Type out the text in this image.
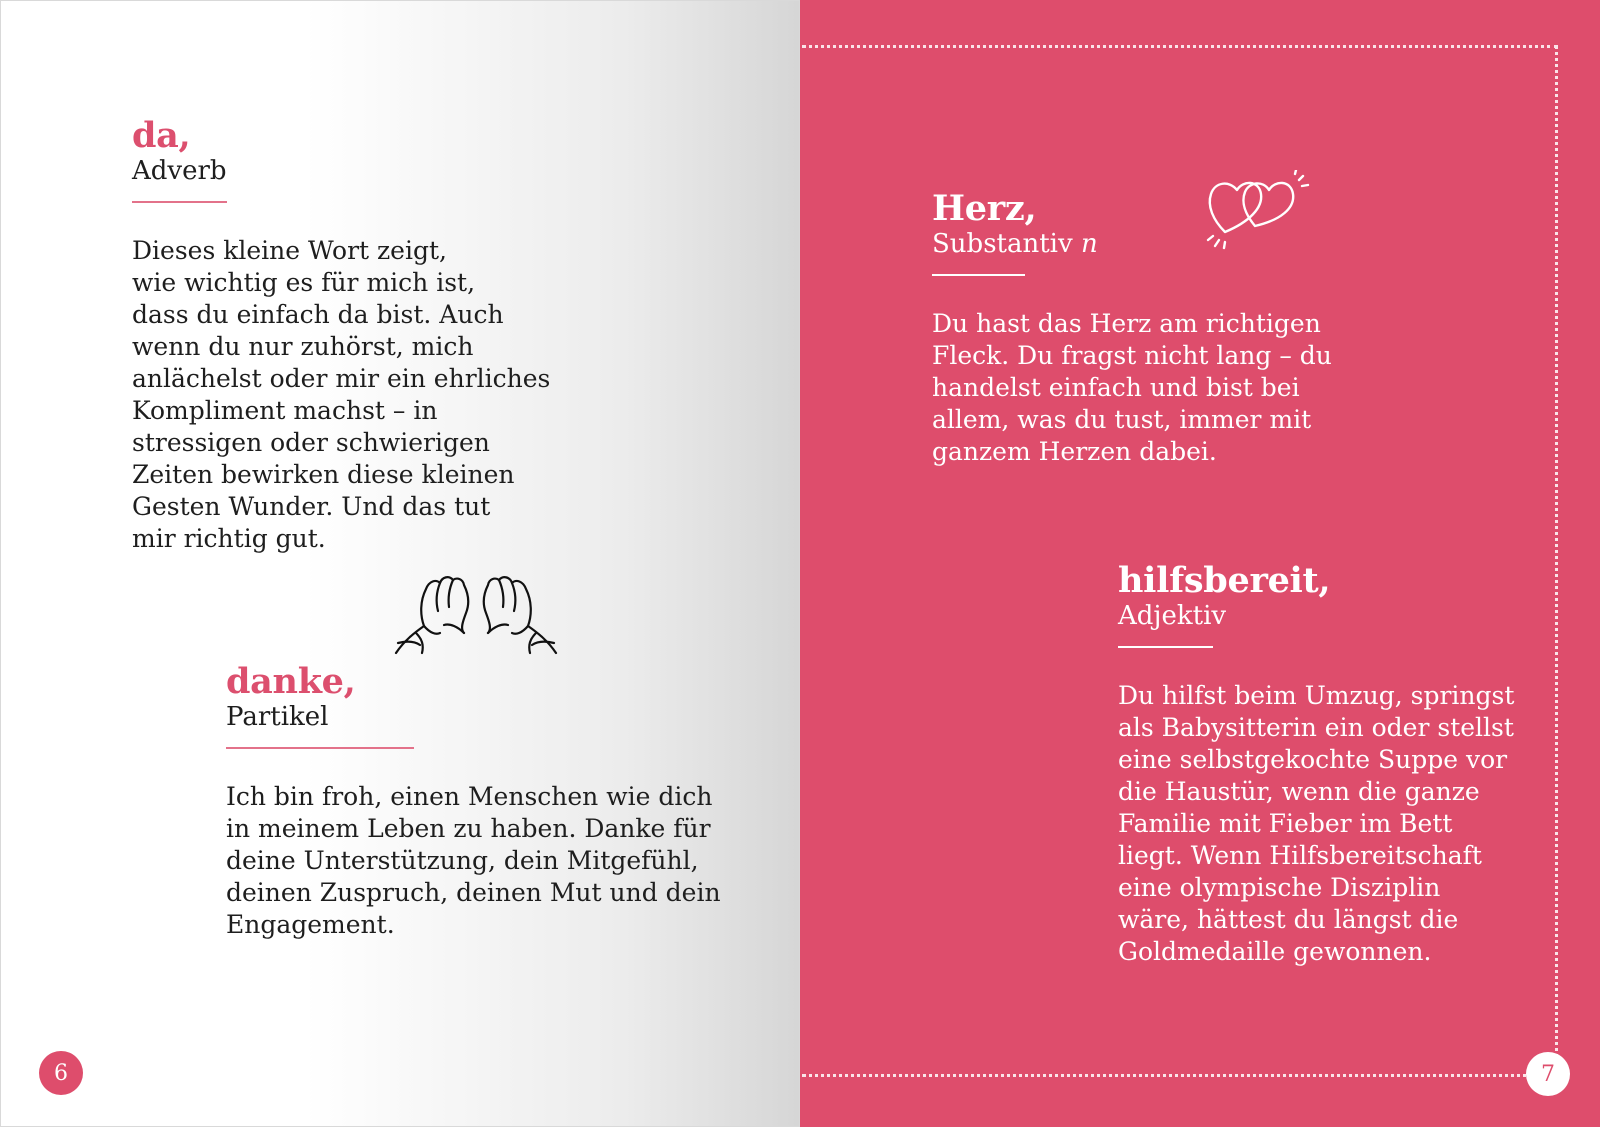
da,
Adverb
Dieses kleine Wort zeigt,
wie wichtig es für mich ist,
dass du einfach da bist. Auch
wenn du nur zuhörst, mich
anlächelst oder mir ein ehrliches
Kompliment machst – in
stressigen oder schwierigen
Zeiten bewirken diese kleinen
Gesten Wunder. Und das tut
mir richtig gut.
danke,
Partikel
Ich bin froh, einen Menschen wie dich
in meinem Leben zu haben. Danke für
deine Unterstützung, dein Mitgefühl,
deinen Zuspruch, deinen Mut und dein
Engagement.
6
Herz,
Substantiv n
Du hast das Herz am richtigen
Fleck. Du fragst nicht lang – du
handelst einfach und bist bei
allem, was du tust, immer mit
ganzem Herzen dabei.
hilfsbereit,
Adjektiv
Du hilfst beim Umzug, springst
als Babysitterin ein oder stellst
eine selbstgekochte Suppe vor
die Haustür, wenn die ganze
Familie mit Fieber im Bett
liegt. Wenn Hilfsbereitschaft
eine olympische Disziplin
wäre, hättest du längst die
Goldmedaille gewonnen.
7
